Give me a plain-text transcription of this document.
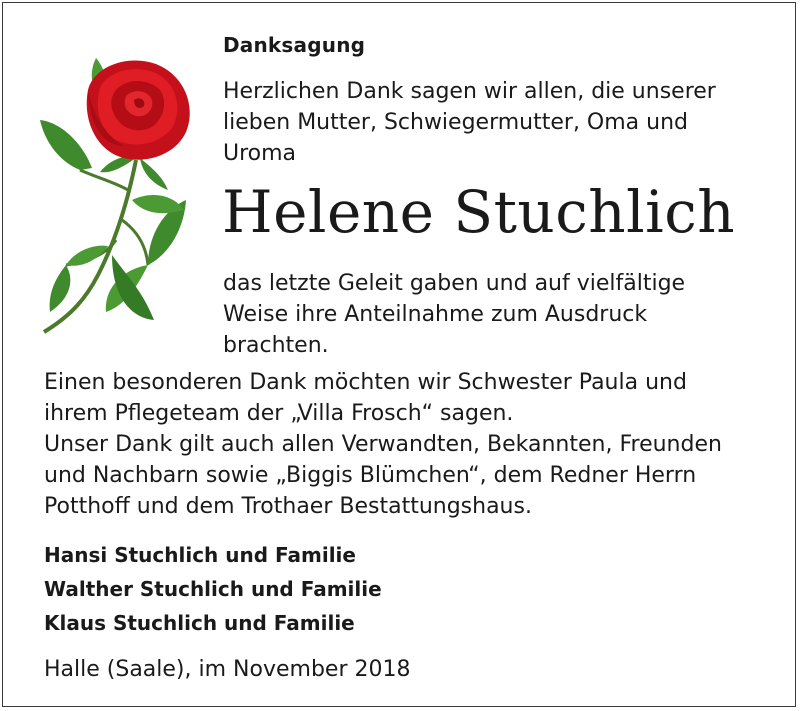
Danksagung
Herzlichen Dank sagen wir allen, die unserer
lieben Mutter, Schwiegermutter, Oma und
Uroma
Helene Stuchlich
das letzte Geleit gaben und auf vielfältige
Weise ihre Anteilnahme zum Ausdruck
brachten.
Einen besonderen Dank möchten wir Schwester Paula und
ihrem Pflegeteam der „Villa Frosch“ sagen.
Unser Dank gilt auch allen Verwandten, Bekannten, Freunden
und Nachbarn sowie „Biggis Blümchen“, dem Redner Herrn
Potthoff und dem Trothaer Bestattungshaus.
Hansi Stuchlich und Familie
Walther Stuchlich und Familie
Klaus Stuchlich und Familie
Halle (Saale), im November 2018
